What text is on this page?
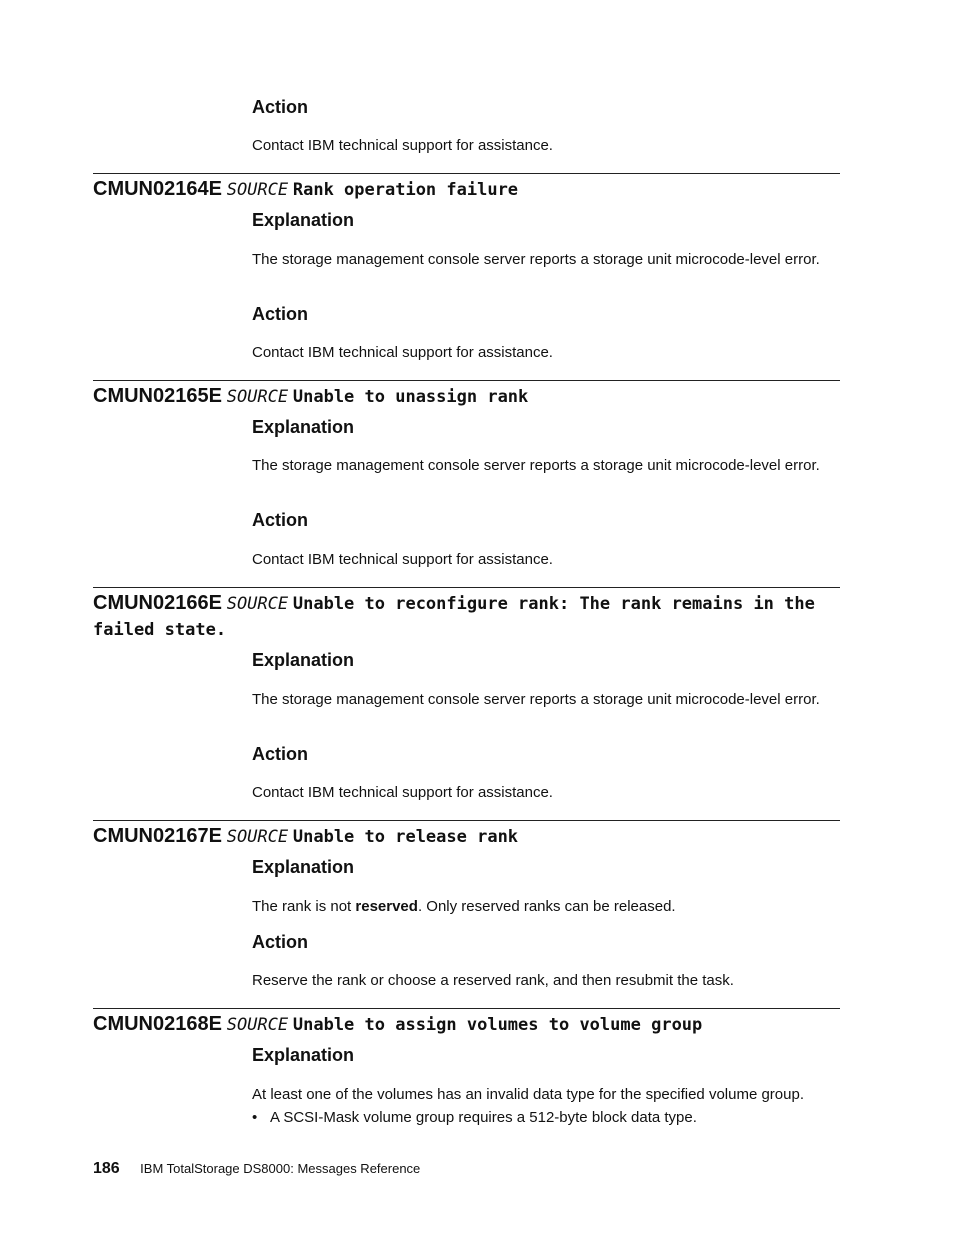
Action

Contact IBM technical support for assistance.

CMUN02164E SOURCE Rank operation failure
Explanation

The storage management console server reports a storage unit microcode-level error.

Action

Contact IBM technical support for assistance.

CMUN02165E SOURCE Unable to unassign rank
Explanation

The storage management console server reports a storage unit microcode-level error.

Action

Contact IBM technical support for assistance.

CMUN02166E SOURCE Unable to reconfigure rank: The rank remains in the failed state.
Explanation

The storage management console server reports a storage unit microcode-level error.

Action

Contact IBM technical support for assistance.

CMUN02167E SOURCE Unable to release rank
Explanation

The rank is not reserved. Only reserved ranks can be released.

Action

Reserve the rank or choose a reserved rank, and then resubmit the task.

CMUN02168E SOURCE Unable to assign volumes to volume group
Explanation

At least one of the volumes has an invalid data type for the specified volume group.

• A SCSI-Mask volume group requires a 512-byte block data type.
186 IBM TotalStorage DS8000: Messages Reference
